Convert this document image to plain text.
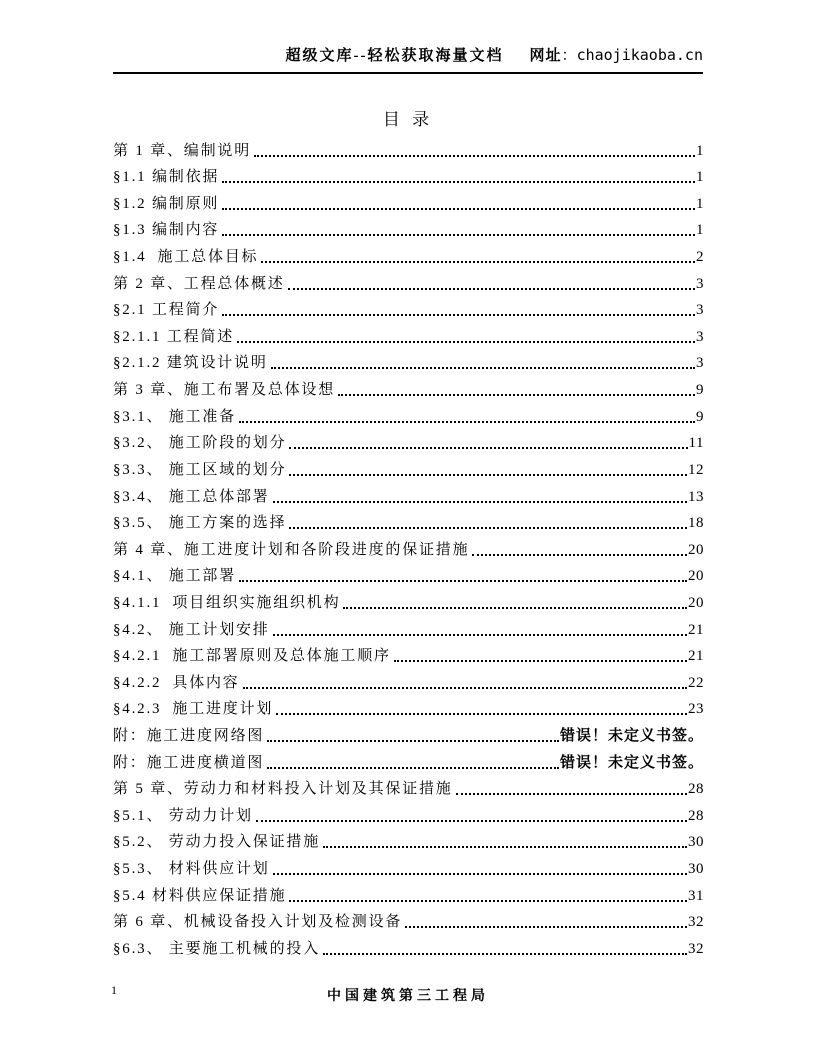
超级文库--轻松获取海量文档 网址 ： chaojikaoba.cn
目 录
第 1 章、编制说明	1
§1.1 编制依据	1
§1.2 编制原则	1
§1.3 编制内容	1
§1.4  施工总体目标	2
第 2 章、工程总体概述	3
§2.1 工程简介	3
§2.1.1 工程简述	3
§2.1.2 建筑设计说明	3
第 3 章、施工布署及总体设想	9
§3.1、 施工准备	9
§3.2、 施工阶段的划分	11
§3.3、 施工区域的划分	12
§3.4、 施工总体部署	13
§3.5、 施工方案的选择	18
第 4 章、施工进度计划和各阶段进度的保证措施	20
§4.1、 施工部署	20
§4.1.1  项目组织实施组织机构	20
§4.2、 施工计划安排	21
§4.2.1  施工部署原则及总体施工顺序	21
§4.2.2  具体内容	22
§4.2.3  施工进度计划	23
附：施工进度网络图	错误！未定义书签。
附：施工进度横道图	错误！未定义书签。
第 5 章、劳动力和材料投入计划及其保证措施	28
§5.1、 劳动力计划	28
§5.2、 劳动力投入保证措施	30
§5.3、 材料供应计划	30
§5.4 材料供应保证措施	31
第 6 章、机械设备投入计划及检测设备	32
§6.3、 主要施工机械的投入	32
1	中国建筑第三工程局
